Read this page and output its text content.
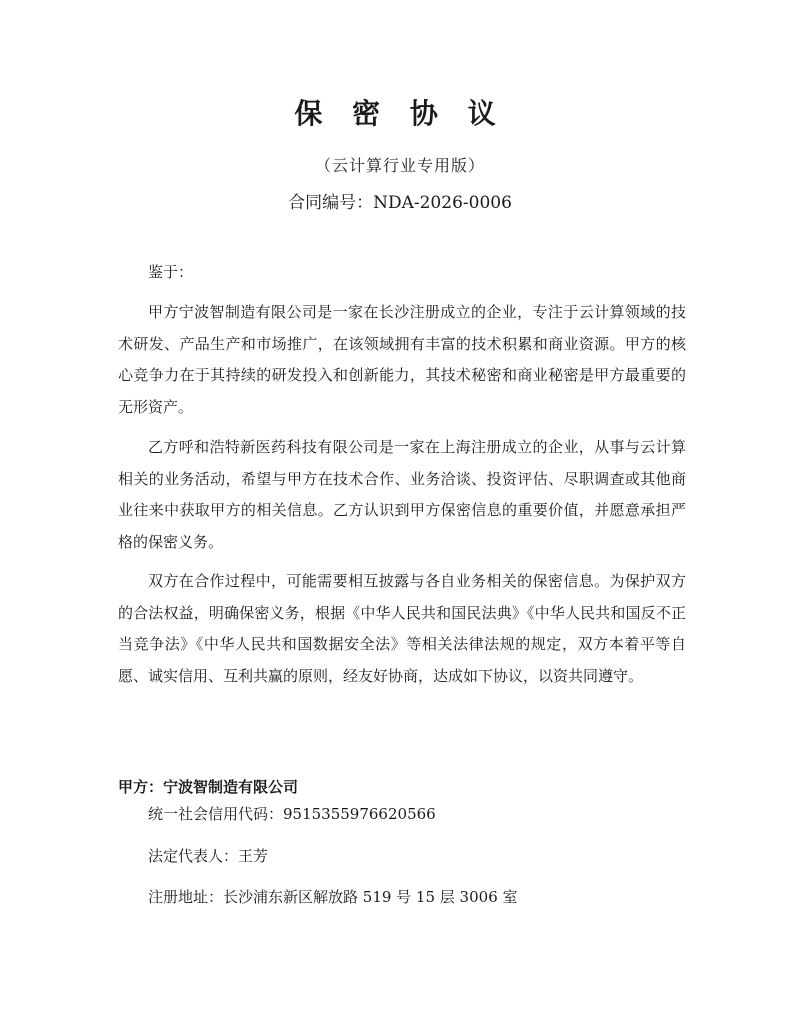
保 密 协 议
（云计算行业专用版）
合同编号：NDA-2026-0006

鉴于：

甲方宁波智制造有限公司是一家在长沙注册成立的企业，专注于云计算领域的技术研发、产品生产和市场推广，在该领域拥有丰富的技术积累和商业资源。甲方的核心竞争力在于其持续的研发投入和创新能力，其技术秘密和商业秘密是甲方最重要的无形资产。

乙方呼和浩特新医药科技有限公司是一家在上海注册成立的企业，从事与云计算相关的业务活动，希望与甲方在技术合作、业务洽谈、投资评估、尽职调查或其他商业往来中获取甲方的相关信息。乙方认识到甲方保密信息的重要价值，并愿意承担严格的保密义务。

双方在合作过程中，可能需要相互披露与各自业务相关的保密信息。为保护双方的合法权益，明确保密义务，根据《中华人民共和国民法典》《中华人民共和国反不正当竞争法》《中华人民共和国数据安全法》等相关法律法规的规定，双方本着平等自愿、诚实信用、互利共赢的原则，经友好协商，达成如下协议，以资共同遵守。

甲方：宁波智制造有限公司
统一社会信用代码：9515355976620566
法定代表人：王芳
注册地址：长沙浦东新区解放路 519 号 15 层 3006 室
